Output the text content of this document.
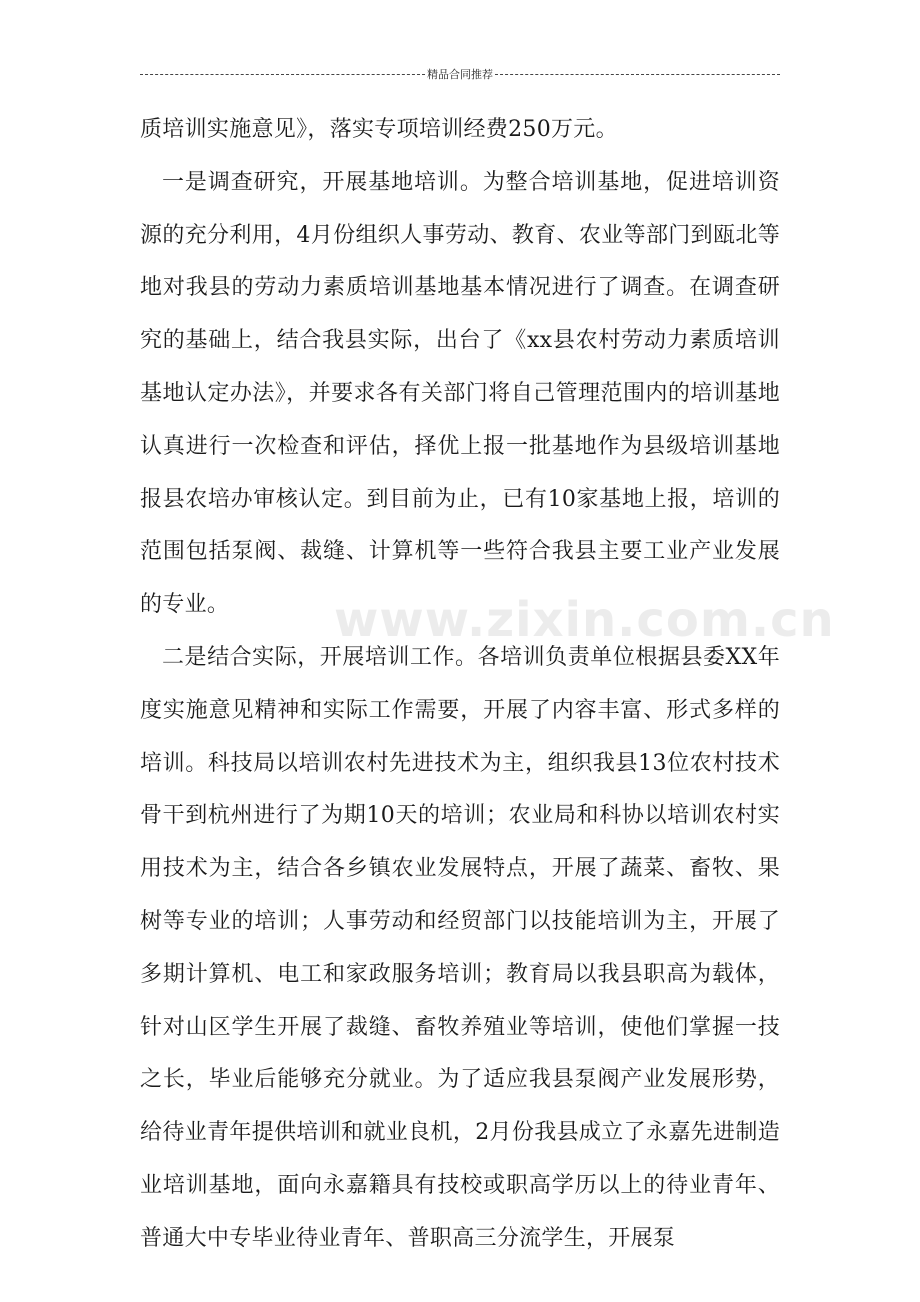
精品合同推荐
www.zixin.com.cn

质培训实施意见》，落实专项培训经费250万元。

一是调查研究，开展基地培训。为整合培训基地，促进培训资源的充分利用，4月份组织人事劳动、教育、农业等部门到瓯北等地对我县的劳动力素质培训基地基本情况进行了调查。在调查研究的基础上，结合我县实际，出台了《xx县农村劳动力素质培训基地认定办法》，并要求各有关部门将自己管理范围内的培训基地认真进行一次检查和评估，择优上报一批基地作为县级培训基地报县农培办审核认定。到目前为止，已有10家基地上报，培训的范围包括泵阀、裁缝、计算机等一些符合我县主要工业产业发展的专业。

二是结合实际，开展培训工作。各培训负责单位根据县委XX年度实施意见精神和实际工作需要，开展了内容丰富、形式多样的培训。科技局以培训农村先进技术为主，组织我县13位农村技术骨干到杭州进行了为期10天的培训；农业局和科协以培训农村实用技术为主，结合各乡镇农业发展特点，开展了蔬菜、畜牧、果树等专业的培训；人事劳动和经贸部门以技能培训为主，开展了多期计算机、电工和家政服务培训；教育局以我县职高为载体，针对山区学生开展了裁缝、畜牧养殖业等培训，使他们掌握一技之长，毕业后能够充分就业。为了适应我县泵阀产业发展形势，给待业青年提供培训和就业良机，2月份我县成立了永嘉先进制造业培训基地，面向永嘉籍具有技校或职高学历以上的待业青年、普通大中专毕业待业青年、普职高三分流学生，开展泵
